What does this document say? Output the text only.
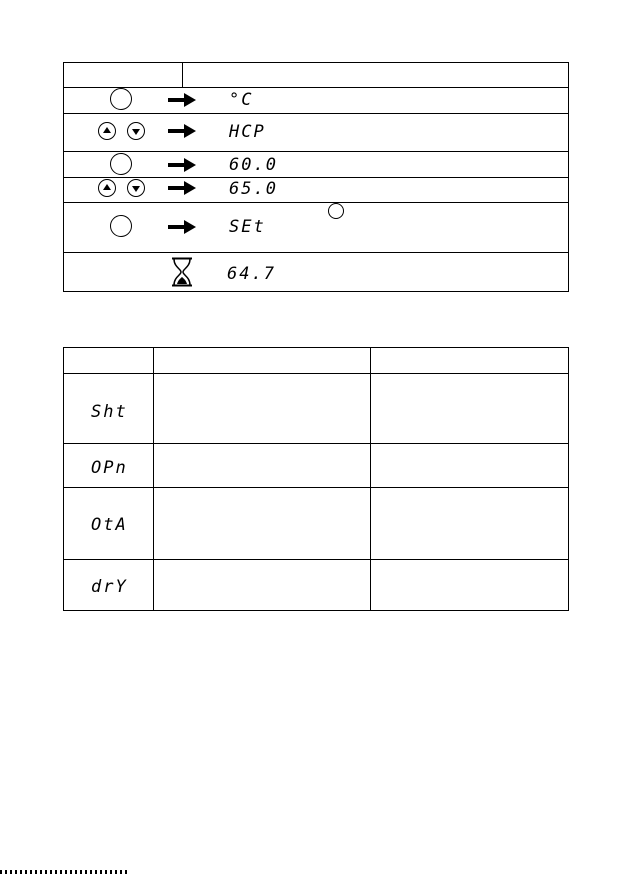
°C
HCP
60.0
65.0
SEt
64.7
Sht
OPn
OtA
drY
